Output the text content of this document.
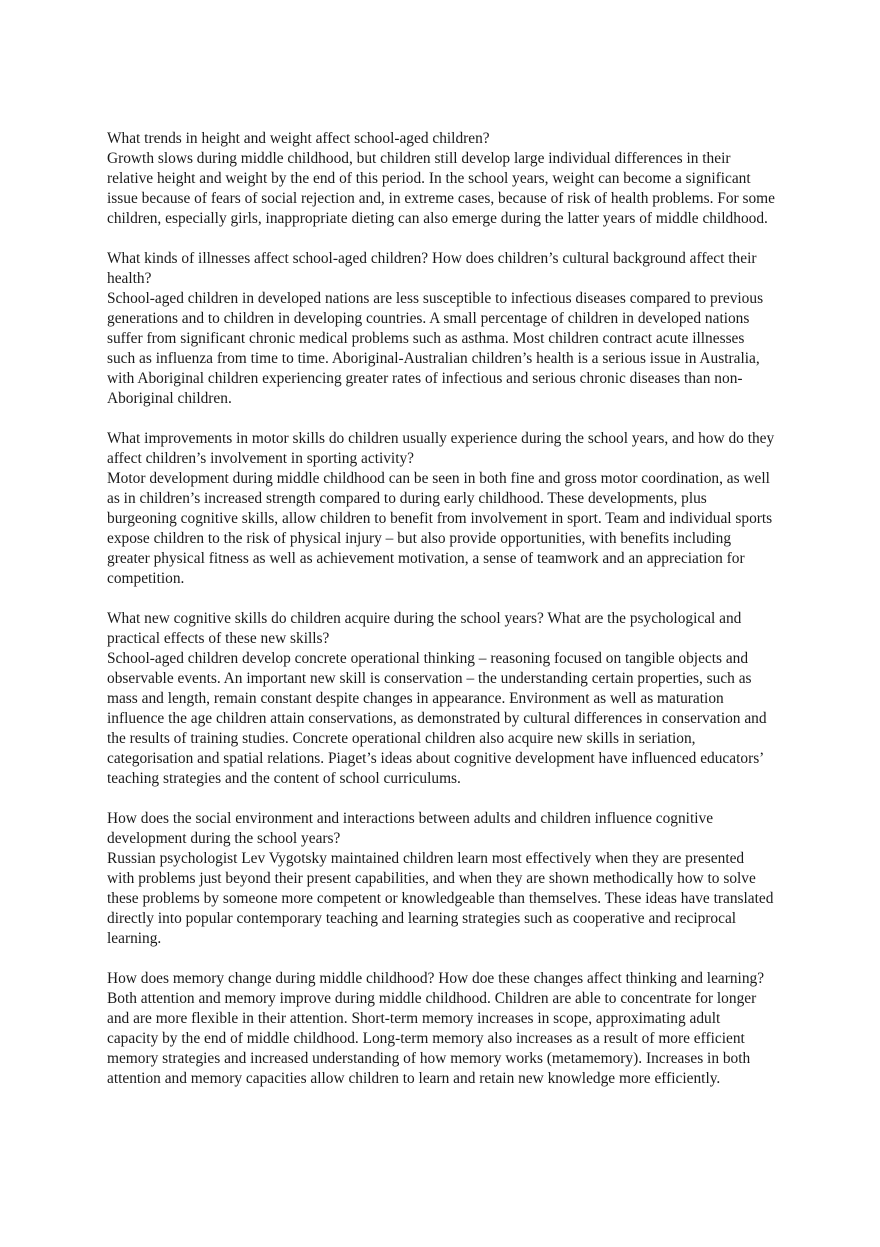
What trends in height and weight affect school-aged children?

Growth slows during middle childhood, but children still develop large individual differences in their relative height and weight by the end of this period. In the school years, weight can become a significant issue because of fears of social rejection and, in extreme cases, because of risk of health problems. For some children, especially girls, inappropriate dieting can also emerge during the latter years of middle childhood.

What kinds of illnesses affect school-aged children? How does children’s cultural background affect their health?

School-aged children in developed nations are less susceptible to infectious diseases compared to previous generations and to children in developing countries. A small percentage of children in developed nations suffer from significant chronic medical problems such as asthma. Most children contract acute illnesses such as influenza from time to time. Aboriginal-Australian children’s health is a serious issue in Australia, with Aboriginal children experiencing greater rates of infectious and serious chronic diseases than non-Aboriginal children.

What improvements in motor skills do children usually experience during the school years, and how do they affect children’s involvement in sporting activity?

Motor development during middle childhood can be seen in both fine and gross motor coordination, as well as in children’s increased strength compared to during early childhood. These developments, plus burgeoning cognitive skills, allow children to benefit from involvement in sport. Team and individual sports expose children to the risk of physical injury – but also provide opportunities, with benefits including greater physical fitness as well as achievement motivation, a sense of teamwork and an appreciation for competition.

What new cognitive skills do children acquire during the school years? What are the psychological and practical effects of these new skills?

School-aged children develop concrete operational thinking – reasoning focused on tangible objects and observable events. An important new skill is conservation – the understanding certain properties, such as mass and length, remain constant despite changes in appearance. Environment as well as maturation influence the age children attain conservations, as demonstrated by cultural differences in conservation and the results of training studies. Concrete operational children also acquire new skills in seriation, categorisation and spatial relations. Piaget’s ideas about cognitive development have influenced educators’ teaching strategies and the content of school curriculums.

How does the social environment and interactions between adults and children influence cognitive development during the school years?

Russian psychologist Lev Vygotsky maintained children learn most effectively when they are presented with problems just beyond their present capabilities, and when they are shown methodically how to solve these problems by someone more competent or knowledgeable than themselves. These ideas have translated directly into popular contemporary teaching and learning strategies such as cooperative and reciprocal learning.

How does memory change during middle childhood? How doe these changes affect thinking and learning?

Both attention and memory improve during middle childhood. Children are able to concentrate for longer and are more flexible in their attention. Short-term memory increases in scope, approximating adult capacity by the end of middle childhood. Long-term memory also increases as a result of more efficient memory strategies and increased understanding of how memory works (metamemory). Increases in both attention and memory capacities allow children to learn and retain new knowledge more efficiently.
